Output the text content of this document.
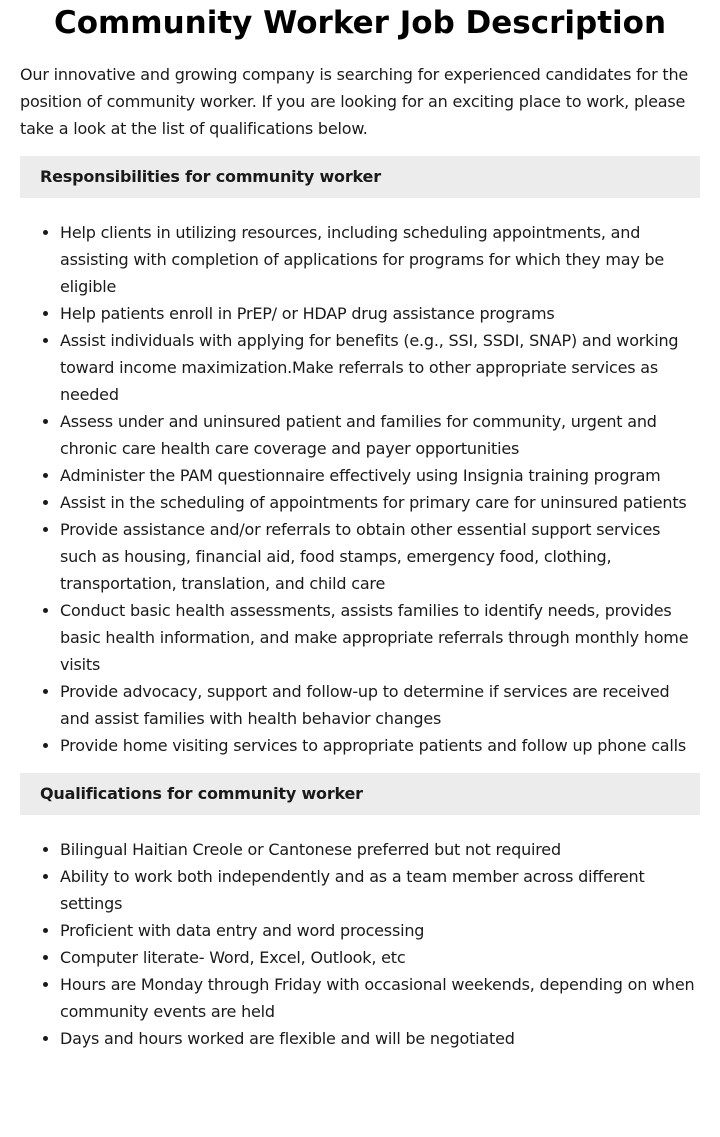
Community Worker Job Description

Our innovative and growing company is searching for experienced candidates for the position of community worker. If you are looking for an exciting place to work, please take a look at the list of qualifications below.

Responsibilities for community worker
• Help clients in utilizing resources, including scheduling appointments, and assisting with completion of applications for programs for which they may be eligible
• Help patients enroll in PrEP/ or HDAP drug assistance programs
• Assist individuals with applying for benefits (e.g., SSI, SSDI, SNAP) and working toward income maximization.Make referrals to other appropriate services as needed
• Assess under and uninsured patient and families for community, urgent and chronic care health care coverage and payer opportunities
• Administer the PAM questionnaire effectively using Insignia training program
• Assist in the scheduling of appointments for primary care for uninsured patients
• Provide assistance and/or referrals to obtain other essential support services such as housing, financial aid, food stamps, emergency food, clothing, transportation, translation, and child care
• Conduct basic health assessments, assists families to identify needs, provides basic health information, and make appropriate referrals through monthly home visits
• Provide advocacy, support and follow-up to determine if services are received and assist families with health behavior changes
• Provide home visiting services to appropriate patients and follow up phone calls
Qualifications for community worker
• Bilingual Haitian Creole or Cantonese preferred but not required
• Ability to work both independently and as a team member across different settings
• Proficient with data entry and word processing
• Computer literate- Word, Excel, Outlook, etc
• Hours are Monday through Friday with occasional weekends, depending on when community events are held
• Days and hours worked are flexible and will be negotiated
